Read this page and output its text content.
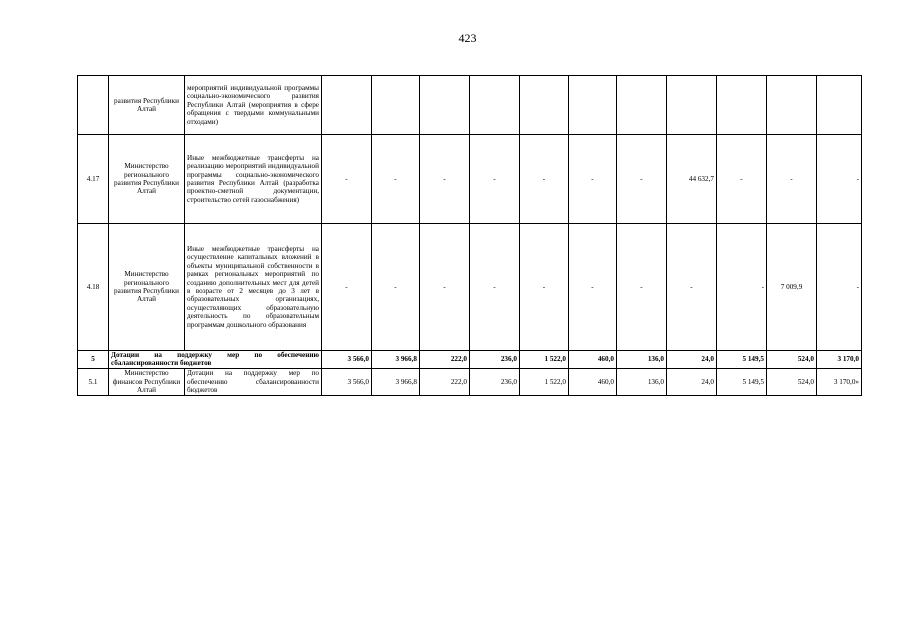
423
	развития Республики Алтай	мероприятий индивидуальной программы социально-экономического развития Республики Алтай (мероприятия в сфере обращения с твердыми коммунальными отходами)											
4.17	Министерство регионального развития Республики Алтай	Иные межбюджетные трансферты на реализацию мероприятий индивидуальной программы социально-экономического развития Республики Алтай (разработка проектно-сметной документации, строительство сетей газоснабжения)	-	-	-	-	-	-	-	44 632,7	-	-	-
4.18	Министерство регионального развития Республики Алтай	Иные межбюджетные трансферты на осуществление капитальных вложений в объекты муниципальной собственности в рамках региональных мероприятий по созданию дополнительных мест для детей в возрасте от 2 месяцев до 3 лет в образовательных организациях, осуществляющих образовательную деятельность по образовательным программам дошкольного образования	-	-	-	-	-	-	-	-	-	7 009,9	-
5	Дотации на поддержку мер по обеспечению сбалансированности бюджетов		3 566,0	3 966,8	222,0	236,0	1 522,0	460,0	136,0	24,0	5 149,5	524,0	3 170,0
5.1	Министерство финансов Республики Алтай	Дотации на поддержку мер по обеспечению сбалансированности бюджетов	3 566,0	3 966,8	222,0	236,0	1 522,0	460,0	136,0	24,0	5 149,5	524,0	3 170,0»
